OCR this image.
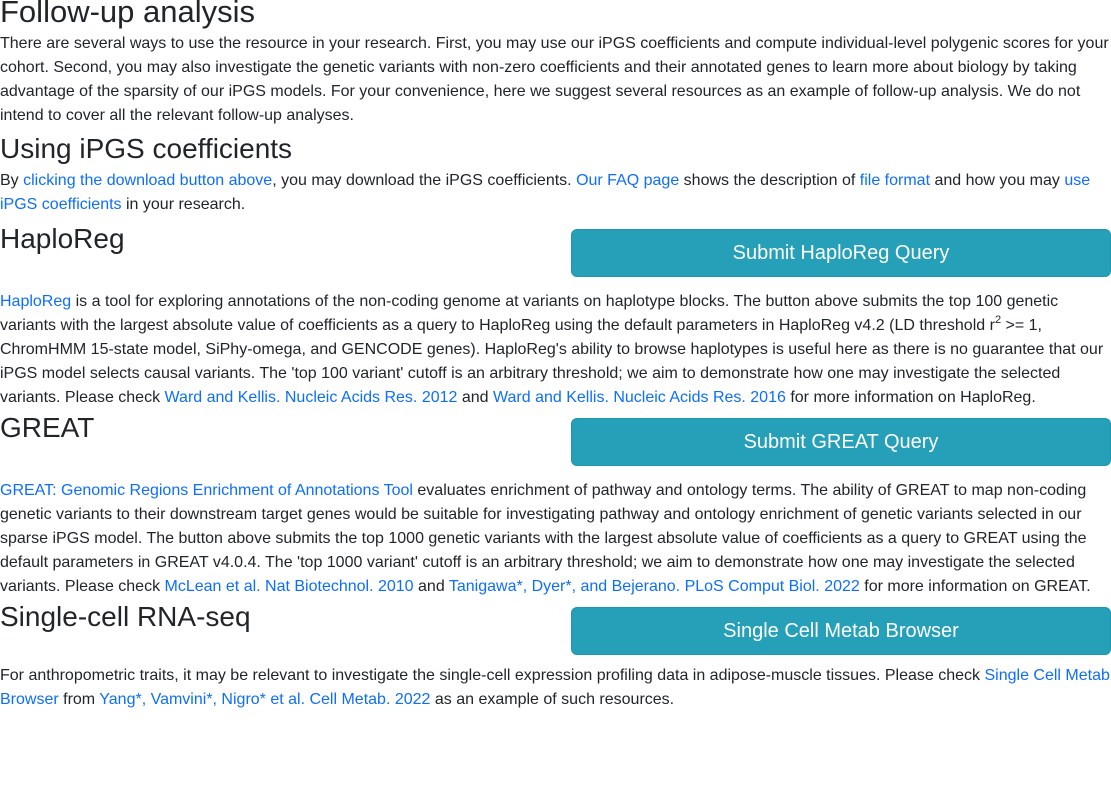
Follow-up analysis

There are several ways to use the resource in your research. First, you may use our iPGS coefficients and compute individual-level polygenic scores for your cohort. Second, you may also investigate the genetic variants with non-zero coefficients and their annotated genes to learn more about biology by taking advantage of the sparsity of our iPGS models. For your convenience, here we suggest several resources as an example of follow-up analysis. We do not intend to cover all the relevant follow-up analyses.

Using iPGS coefficients

By clicking the download button above, you may download the iPGS coefficients. Our FAQ page shows the description of file format and how you may use iPGS coefficients in your research.

HaploReg	Submit HaploReg Query

HaploReg is a tool for exploring annotations of the non-coding genome at variants on haplotype blocks. The button above submits the top 100 genetic variants with the largest absolute value of coefficients as a query to HaploReg using the default parameters in HaploReg v4.2 (LD threshold $r^2 >= 1$, ChromHMM 15-state model, SiPhy-omega, and GENCODE genes). HaploReg's ability to browse haplotypes is useful here as there is no guarantee that our iPGS model selects causal variants. The 'top 100 variant' cutoff is an arbitrary threshold; we aim to demonstrate how one may investigate the selected variants. Please check Ward and Kellis. Nucleic Acids Res. 2012 and Ward and Kellis. Nucleic Acids Res. 2016 for more information on HaploReg.

GREAT	Submit GREAT Query

GREAT: Genomic Regions Enrichment of Annotations Tool evaluates enrichment of pathway and ontology terms. The ability of GREAT to map non-coding genetic variants to their downstream target genes would be suitable for investigating pathway and ontology enrichment of genetic variants selected in our sparse iPGS model. The button above submits the top 1000 genetic variants with the largest absolute value of coefficients as a query to GREAT using the default parameters in GREAT v4.0.4. The 'top 1000 variant' cutoff is an arbitrary threshold; we aim to demonstrate how one may investigate the selected variants. Please check McLean et al. Nat Biotechnol. 2010 and Tanigawa*, Dyer*, and Bejerano. PLoS Comput Biol. 2022 for more information on GREAT.

Single-cell RNA-seq	Single Cell Metab Browser

For anthropometric traits, it may be relevant to investigate the single-cell expression profiling data in adipose-muscle tissues. Please check Single Cell Metab Browser from Yang*, Vamvini*, Nigro* et al. Cell Metab. 2022 as an example of such resources.
